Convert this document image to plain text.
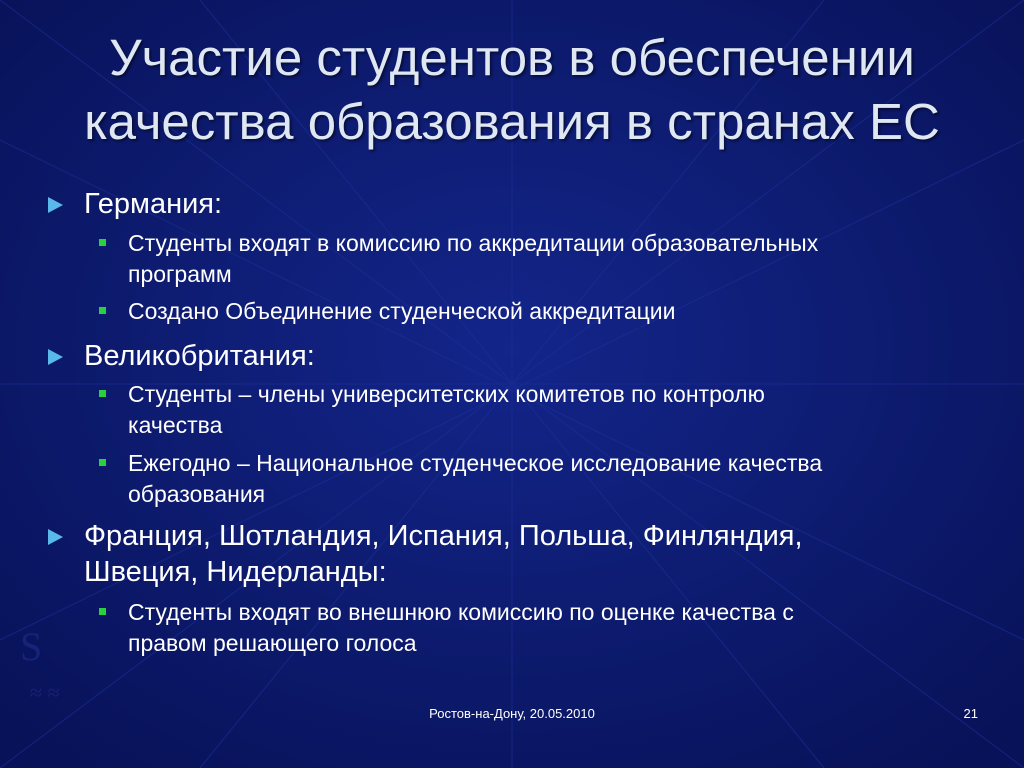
S
≈ ≈
Участие студентов в обеспечении
качества образования в странах ЕС
Германия:
Студенты входят в комиссию по аккредитации образовательных
программ
Создано Объединение студенческой аккредитации
Великобритания:
Студенты – члены университетских комитетов по контролю
качества
Ежегодно – Национальное студенческое исследование качества
образования
Франция, Шотландия, Испания, Польша, Финляндия,
Швеция, Нидерланды:
Студенты входят во внешнюю комиссию по оценке качества с
правом решающего голоса
Ростов-на-Дону, 20.05.2010	21
